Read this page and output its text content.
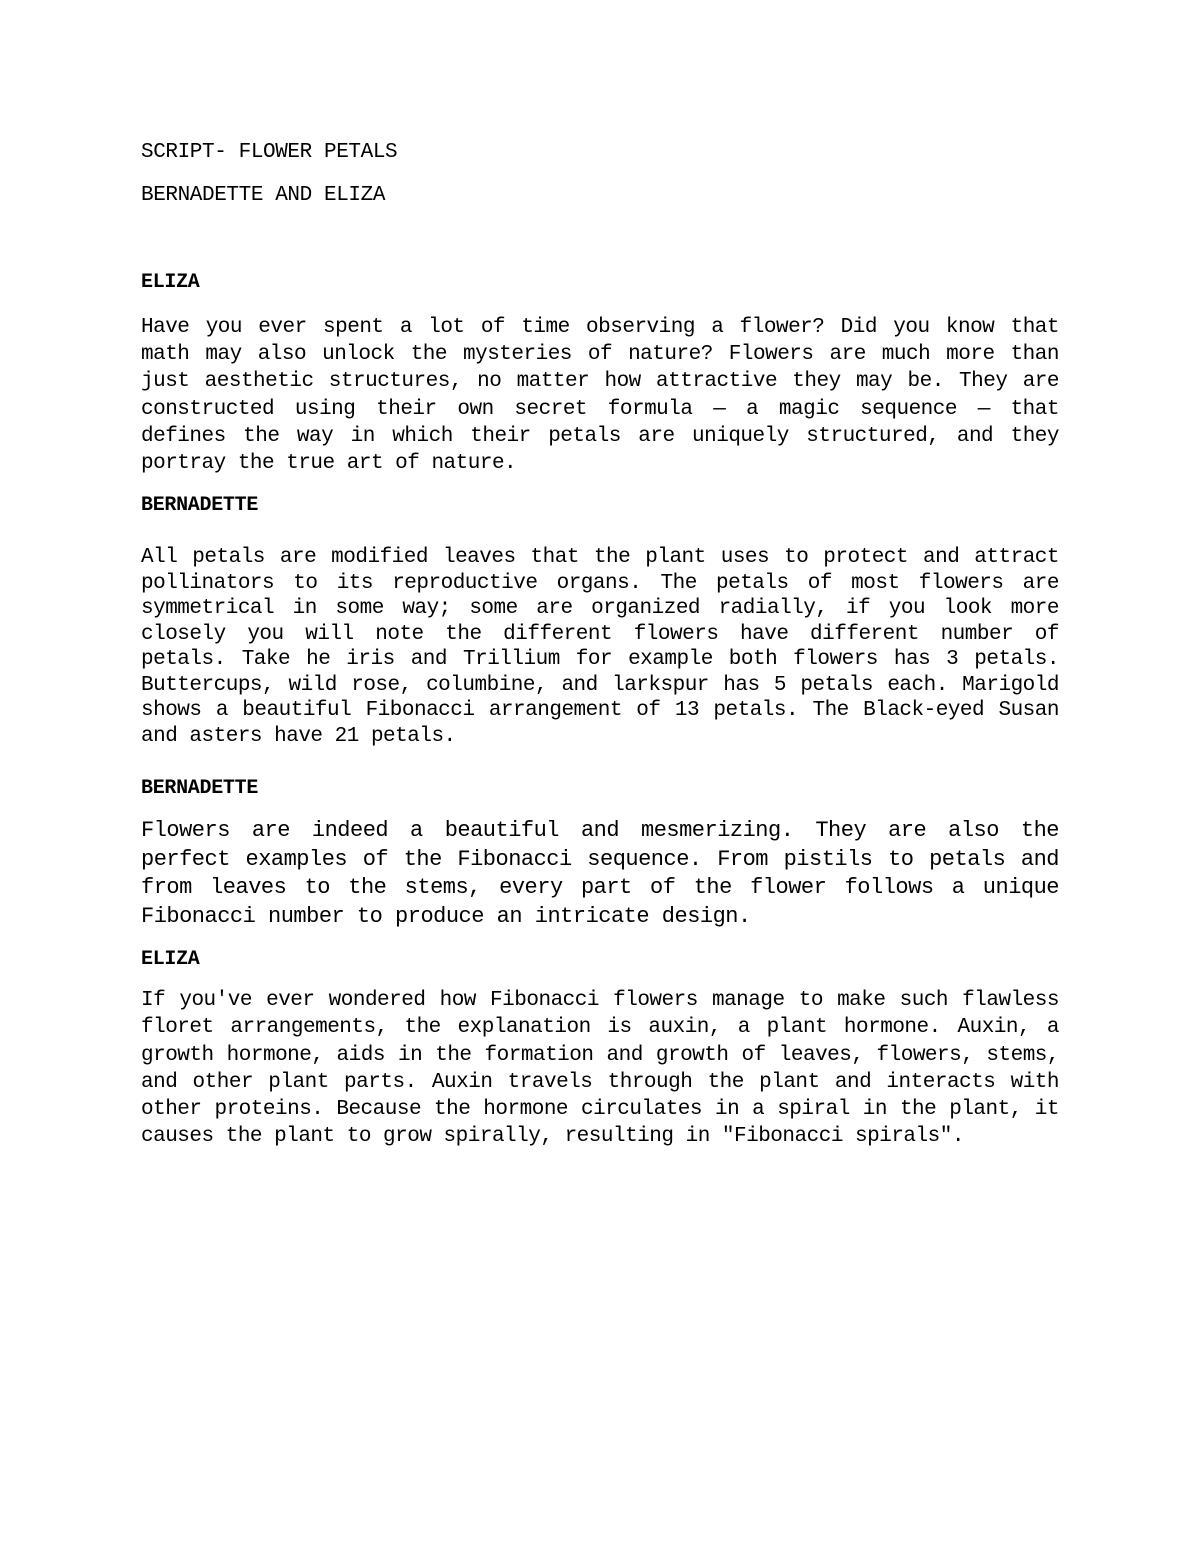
SCRIPT- FLOWER PETALS

BERNADETTE AND ELIZA

ELIZA

Have you ever spent a lot of time observing a flower? Did you know that math may also unlock the mysteries of nature? Flowers are much more than just aesthetic structures, no matter how attractive they may be. They are constructed using their own secret formula — a magic sequence — that defines the way in which their petals are uniquely structured, and they portray the true art of nature.

BERNADETTE

All petals are modified leaves that the plant uses to protect and attract pollinators to its reproductive organs. The petals of most flowers are symmetrical in some way; some are organized radially, if you look more closely you will note the different flowers have different number of petals. Take he iris and Trillium for example both flowers has 3 petals. Buttercups, wild rose, columbine, and larkspur has 5 petals each. Marigold shows a beautiful Fibonacci arrangement of 13 petals. The Black-eyed Susan and asters have 21 petals.

BERNADETTE

Flowers are indeed a beautiful and mesmerizing. They are also the perfect examples of the Fibonacci sequence. From pistils to petals and from leaves to the stems, every part of the flower follows a unique Fibonacci number to produce an intricate design.

ELIZA

If you've ever wondered how Fibonacci flowers manage to make such flawless floret arrangements, the explanation is auxin, a plant hormone. Auxin, a growth hormone, aids in the formation and growth of leaves, flowers, stems, and other plant parts. Auxin travels through the plant and interacts with other proteins. Because the hormone circulates in a spiral in the plant, it causes the plant to grow spirally, resulting in "Fibonacci spirals".
